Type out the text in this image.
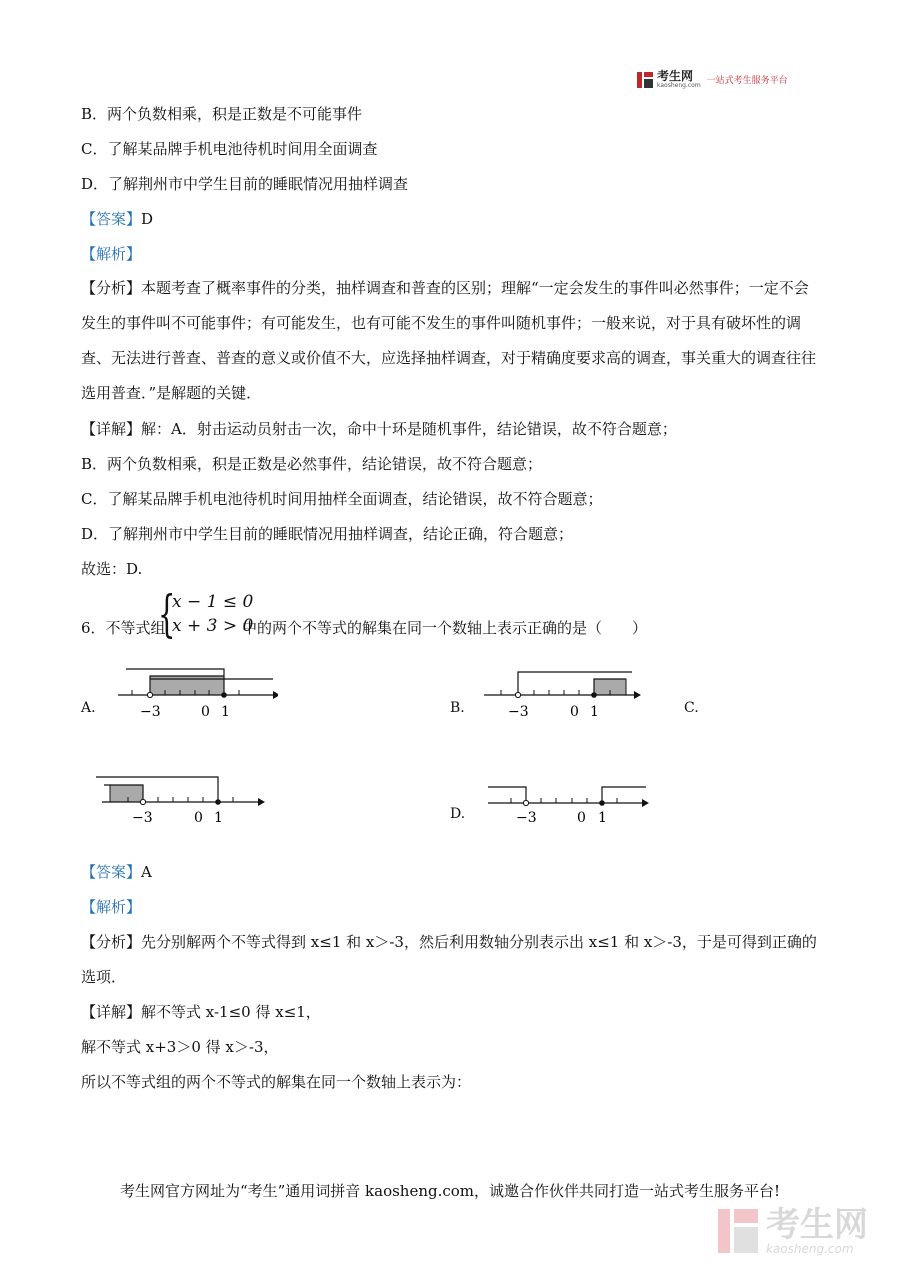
考生网
kaosheng.com 一站式考生服务平台
B．两个负数相乘，积是正数是不可能事件
C．了解某品牌手机电池待机时间用全面调查
D．了解荆州市中学生目前的睡眠情况用抽样调查
【答案】D
【解析】
【分析】本题考查了概率事件的分类，抽样调查和普查的区别；理解“一定会发生的事件叫必然事件；一定不会发生的事件叫不可能事件；有可能发生，也有可能不发生的事件叫随机事件；一般来说，对于具有破坏性的调查、无法进行普查、普查的意义或价值不大，应选择抽样调查，对于精确度要求高的调查，事关重大的调查往往选用普查．”是解题的关键．
【详解】解：A．射击运动员射击一次，命中十环是随机事件，结论错误，故不符合题意；
B．两个负数相乘，积是正数是必然事件，结论错误，故不符合题意；
C．了解某品牌手机电池待机时间用抽样全面调查，结论错误，故不符合题意；
D．了解荆州市中学生目前的睡眠情况用抽样调查，结论正确，符合题意；
故选：D.
6．不等式组
{
x − 1 ≤ 0
x + 3 > 0
中的两个不等式的解集在同一个数轴上表示正确的是（　　）
A.	−3	0 1	B.	−3	0 1	C.
−3	0 1	D.	−3	0 1
【答案】A
【解析】
【分析】先分别解两个不等式得到 x≤1 和 x＞-3，然后利用数轴分别表示出 x≤1 和 x＞-3，于是可得到正确的选项．
【详解】解不等式 x-1≤0 得 x≤1，
解不等式 x+3＞0 得 x＞-3，
所以不等式组的两个不等式的解集在同一个数轴上表示为：
考生网官方网址为“考生”通用词拼音 kaosheng.com，诚邀合作伙伴共同打造一站式考生服务平台!
考生网
kaosheng.com
